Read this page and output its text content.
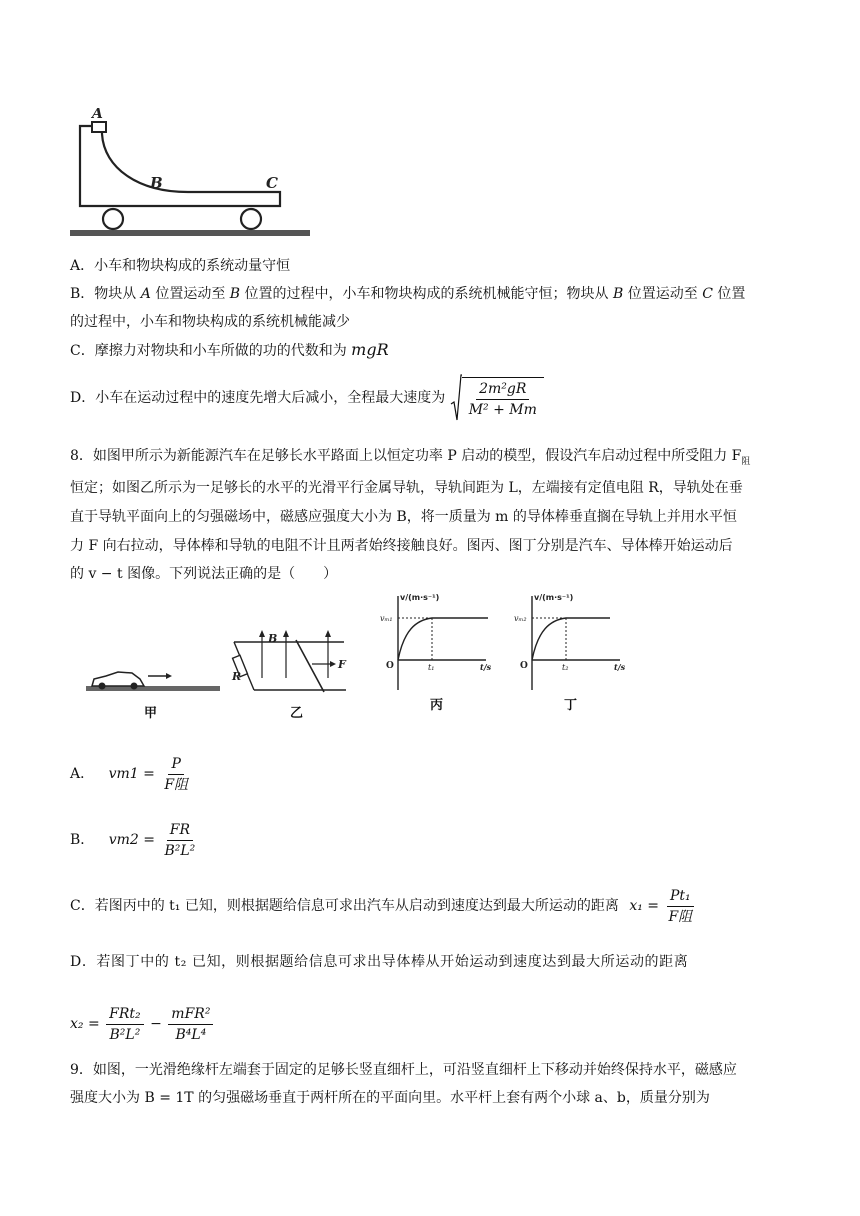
A
B	C
A．小车和物块构成的系统动量守恒
B．物块从 A 位置运动至 B 位置的过程中，小车和物块构成的系统机械能守恒；物块从 B 位置运动至 C 位置
的过程中，小车和物块构成的系统机械能减少
C．摩擦力对物块和小车所做的功的代数和为 mgR
D．小车在运动过程中的速度先增大后减小，全程最大速度为 $\frac{\text{2m²gR}}{\text{M² + Mm}}$
8．如图甲所示为新能源汽车在足够长水平路面上以恒定功率 P 启动的模型，假设汽车启动过程中所受阻力 $F_阻$
恒定；如图乙所示为一足够长的水平的光滑平行金属导轨，导轨间距为 L，左端接有定值电阻 R，导轨处在垂
直于导轨平面向上的匀强磁场中，磁感应强度大小为 B，将一质量为 m 的导体棒垂直搁在导轨上并用水平恒
力 F 向右拉动，导体棒和导轨的电阻不计且两者始终接触良好。图丙、图丁分别是汽车、导体棒开始运动后
的 v − t 图像。下列说法正确的是（　　）
甲
B
F
R
乙
v/(m·s⁻¹)
vₘ₁
O	t₁	t/s
丙
v/(m·s⁻¹)
vₘ₂
O	t₂	t/s
丁
A． $vm1 = \frac{P}{\text{F阻}}$
B． $vm2 = \frac{FR}{\text{B²L²}}$
C．若图丙中的 t₁ 已知，则根据题给信息可求出汽车从启动到速度达到最大所运动的距离 $x_1 = \frac{\text{Pt₁}}{\text{F阻}}$
D．若图丁中的 t₂ 已知，则根据题给信息可求出导体棒从开始运动到速度达到最大所运动的距离
$x_2 = \frac{\text{FRt₂}}{\text{B²L²}} - \frac{\text{mFR²}}{\text{B⁴L⁴}}$
9．如图，一光滑绝缘杆左端套于固定的足够长竖直细杆上，可沿竖直细杆上下移动并始终保持水平，磁感应
强度大小为 B = 1T 的匀强磁场垂直于两杆所在的平面向里。水平杆上套有两个小球 a、b，质量分别为
